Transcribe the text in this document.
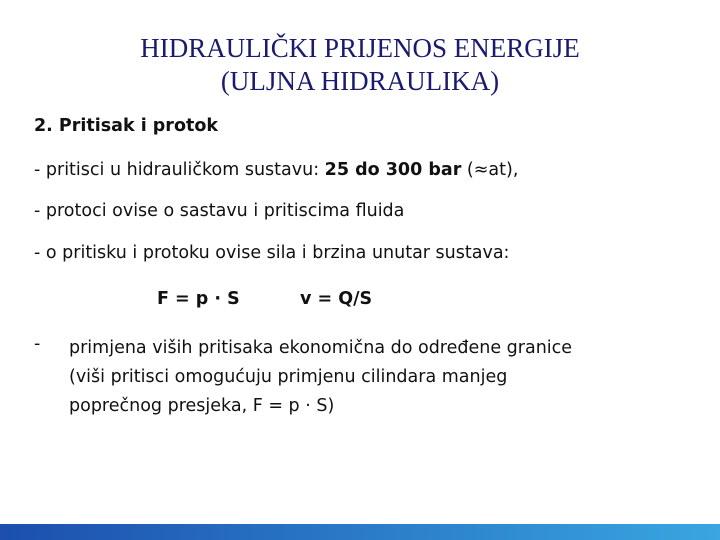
HIDRAULIČKI PRIJENOS ENERGIJE
(ULJNA HIDRAULIKA)
2. Pritisak i protok
- pritisci u hidrauličkom sustavu: 25 do 300 bar (≈at),
- protoci ovise o sastavu i pritiscima fluida
- o pritisku i protoku ovise sila i brzina unutar sustava:
F = p · S	v = Q/S
- primjena viših pritisaka ekonomična do određene granice
(viši pritisci omogućuju primjenu cilindara manjeg
poprečnog presjeka, F = p · S)
